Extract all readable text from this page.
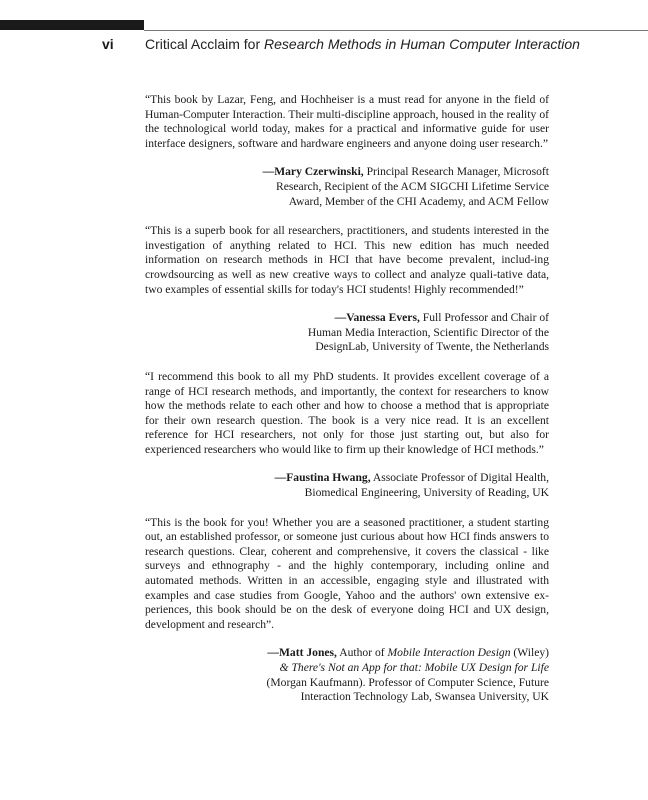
vi Critical Acclaim for Research Methods in Human Computer Interaction

“This book by Lazar, Feng, and Hochheiser is a must read for anyone in the field of Human-Computer Interaction. Their multi-discipline approach, housed in the reality of the technological world today, makes for a practical and informative guide for user interface designers, software and hardware engineers and anyone doing user research.”

—Mary Czerwinski, Principal Research Manager, Microsoft
Research, Recipient of the ACM SIGCHI Lifetime Service
Award, Member of the CHI Academy, and ACM Fellow

“This is a superb book for all researchers, practitioners, and students interested in the investigation of anything related to HCI. This new edition has much needed information on research methods in HCI that have become prevalent, includ-ing crowdsourcing as well as new creative ways to collect and analyze quali-tative data, two examples of essential skills for today's HCI students! Highly recommended!”

—Vanessa Evers, Full Professor and Chair of
Human Media Interaction, Scientific Director of the
DesignLab, University of Twente, the Netherlands

“I recommend this book to all my PhD students. It provides excellent coverage of a range of HCI research methods, and importantly, the context for researchers to know how the methods relate to each other and how to choose a method that is appropriate for their own research question. The book is a very nice read. It is an excellent reference for HCI researchers, not only for those just starting out, but also for experienced researchers who would like to firm up their knowledge of HCI methods.”

—Faustina Hwang, Associate Professor of Digital Health,
Biomedical Engineering, University of Reading, UK

“This is the book for you! Whether you are a seasoned practitioner, a student starting out, an established professor, or someone just curious about how HCI finds answers to research questions. Clear, coherent and comprehensive, it covers the classical - like surveys and ethnography - and the highly contemporary, including online and automated methods. Written in an accessible, engaging style and illustrated with examples and case studies from Google, Yahoo and the authors' own extensive ex-periences, this book should be on the desk of everyone doing HCI and UX design, development and research”.

—Matt Jones, Author of Mobile Interaction Design (Wiley)
& There's Not an App for that: Mobile UX Design for Life
(Morgan Kaufmann). Professor of Computer Science, Future
Interaction Technology Lab, Swansea University, UK
